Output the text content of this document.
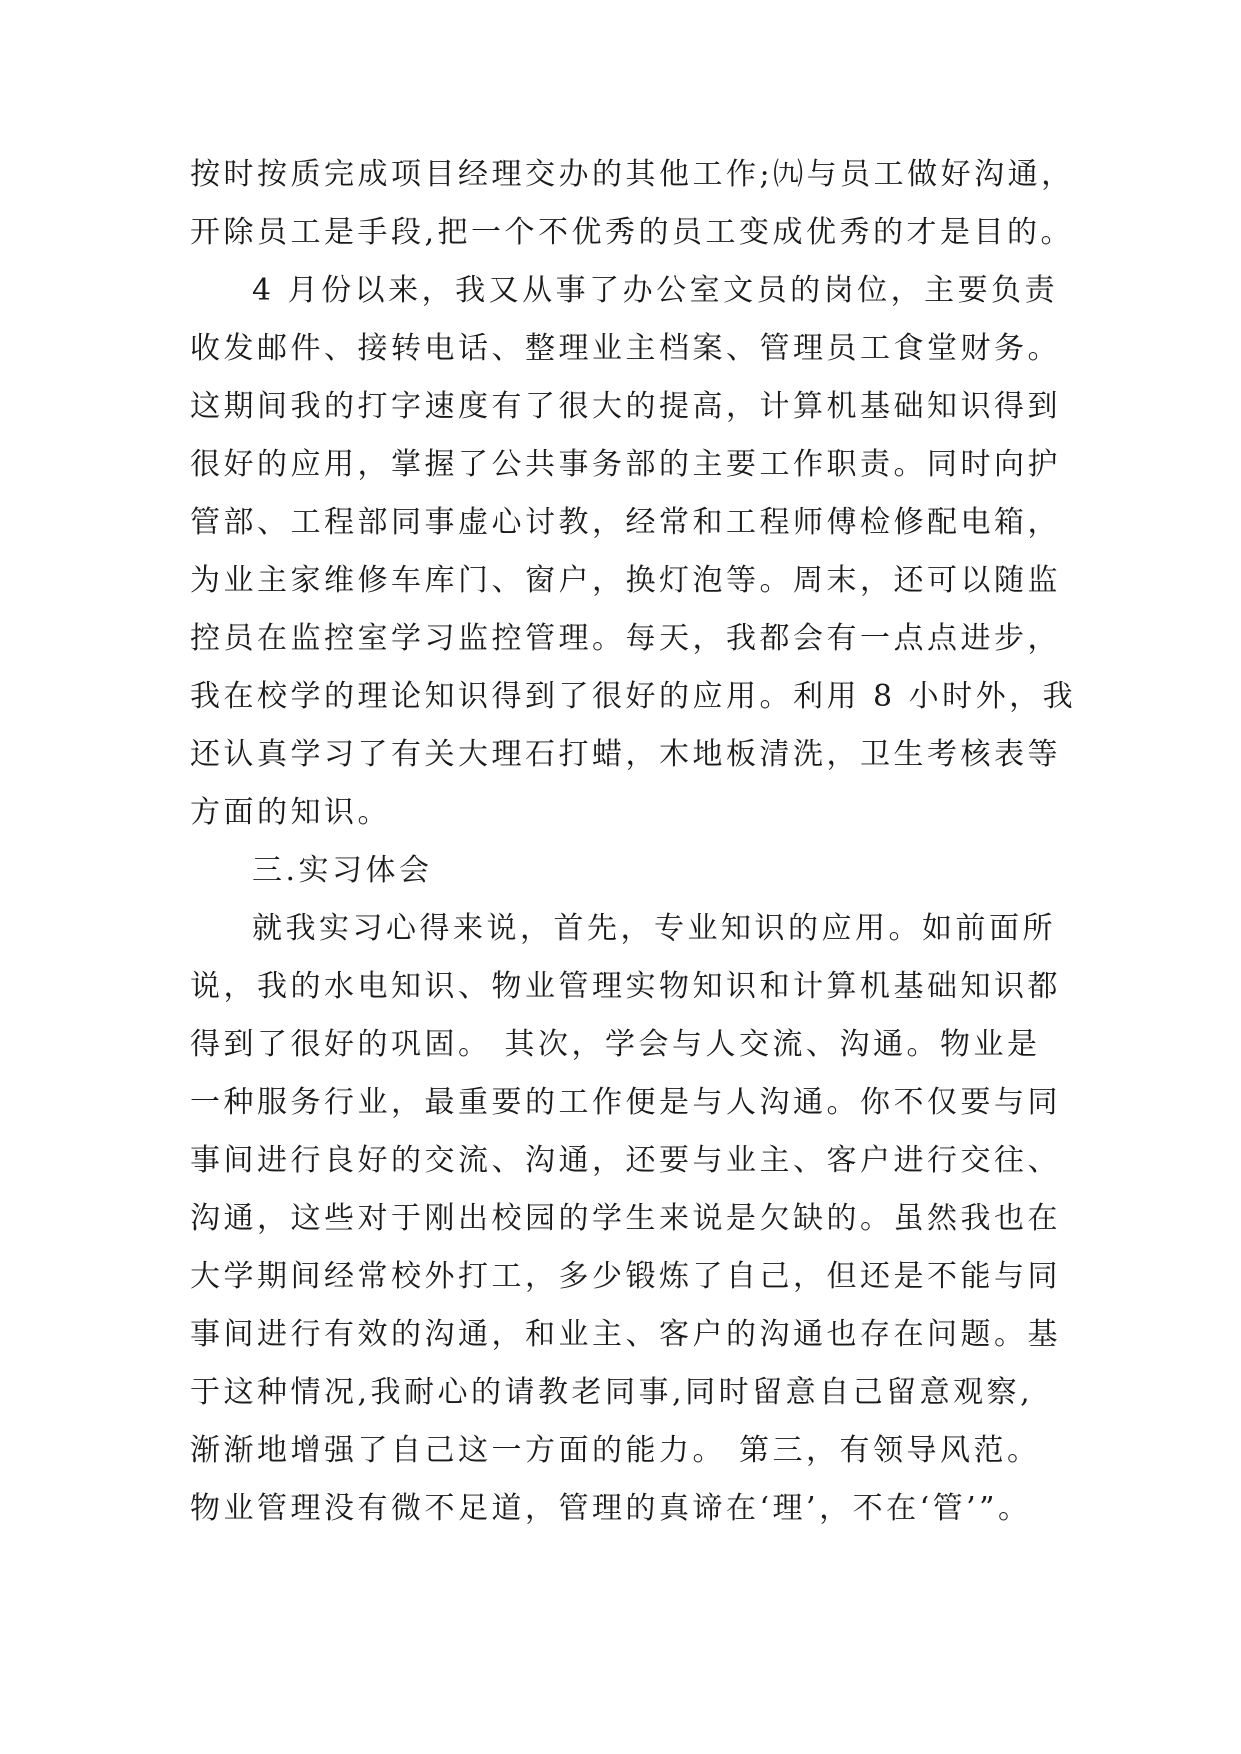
按时按质完成项目经理交办的其他工作;㈨与员工做好沟通，
开除员工是手段,把一个不优秀的员工变成优秀的才是目的。
4 月份以来，我又从事了办公室文员的岗位，主要负责
收发邮件、接转电话、整理业主档案、管理员工食堂财务。
这期间我的打字速度有了很大的提高，计算机基础知识得到
很好的应用，掌握了公共事务部的主要工作职责。同时向护
管部、工程部同事虚心讨教，经常和工程师傅检修配电箱，
为业主家维修车库门、窗户，换灯泡等。周末，还可以随监
控员在监控室学习监控管理。每天，我都会有一点点进步，
我在校学的理论知识得到了很好的应用。利用 8 小时外，我
还认真学习了有关大理石打蜡，木地板清洗，卫生考核表等
方面的知识。
三.实习体会
就我实习心得来说，首先，专业知识的应用。如前面所
说，我的水电知识、物业管理实物知识和计算机基础知识都
得到了很好的巩固。 其次，学会与人交流、沟通。物业是
一种服务行业，最重要的工作便是与人沟通。你不仅要与同
事间进行良好的交流、沟通，还要与业主、客户进行交往、
沟通，这些对于刚出校园的学生来说是欠缺的。虽然我也在
大学期间经常校外打工，多少锻炼了自己，但还是不能与同
事间进行有效的沟通，和业主、客户的沟通也存在问题。基
于这种情况,我耐心的请教老同事,同时留意自己留意观察,
渐渐地增强了自己这一方面的能力。 第三，有领导风范。
物业管理没有微不足道，管理的真谛在‘理’，不在‘管’”。
